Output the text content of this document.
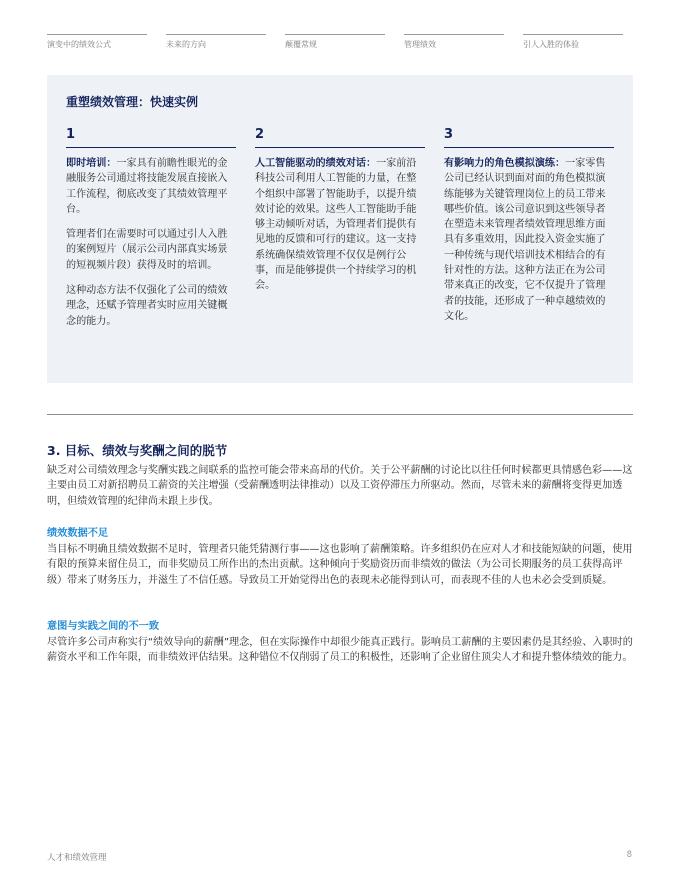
演变中的绩效公式	未来的方向	颠覆常规	管理绩效	引人入胜的体验
重塑绩效管理：快速实例
1

即时培训：一家具有前瞻性眼光的金融服务公司通过将技能发展直接嵌入工作流程，彻底改变了其绩效管理平台。

管理者们在需要时可以通过引人入胜的案例短片（展示公司内部真实场景的短视频片段）获得及时的培训。

这种动态方法不仅强化了公司的绩效理念，还赋予管理者实时应用关键概念的能力。

2

人工智能驱动的绩效对话：一家前沿科技公司利用人工智能的力量，在整个组织中部署了智能助手，以提升绩效讨论的效果。这些人工智能助手能够主动倾听对话，为管理者们提供有见地的反馈和可行的建议。这一支持系统确保绩效管理不仅仅是例行公事，而是能够提供一个持续学习的机会。

3

有影响力的角色模拟演练：一家零售公司已经认识到面对面的角色模拟演练能够为关键管理岗位上的员工带来哪些价值。该公司意识到这些领导者在塑造未来管理者绩效管理思维方面具有多重效用，因此投入资金实施了一种传统与现代培训技术相结合的有针对性的方法。这种方法正在为公司带来真正的改变，它不仅提升了管理者的技能，还形成了一种卓越绩效的文化。

3. 目标、绩效与奖酬之间的脱节

缺乏对公司绩效理念与奖酬实践之间联系的监控可能会带来高昂的代价。关于公平薪酬的讨论比以往任何时候都更具情感色彩——这主要由员工对新招聘员工薪资的关注增强（受薪酬透明法律推动）以及工资停滞压力所驱动。然而，尽管未来的薪酬将变得更加透明，但绩效管理的纪律尚未跟上步伐。

绩效数据不足

当目标不明确且绩效数据不足时，管理者只能凭猜测行事——这也影响了薪酬策略。许多组织仍在应对人才和技能短缺的问题，使用有限的预算来留住员工，而非奖励员工所作出的杰出贡献。这种倾向于奖励资历而非绩效的做法（为公司长期服务的员工获得高评级）带来了财务压力，并滋生了不信任感。导致员工开始觉得出色的表现未必能得到认可，而表现不佳的人也未必会受到质疑。

意图与实践之间的不一致

尽管许多公司声称实行“绩效导向的薪酬”理念，但在实际操作中却很少能真正践行。影响员工薪酬的主要因素仍是其经验、入职时的薪资水平和工作年限，而非绩效评估结果。这种错位不仅削弱了员工的积极性，还影响了企业留住顶尖人才和提升整体绩效的能力。

人才和绩效管理	8
